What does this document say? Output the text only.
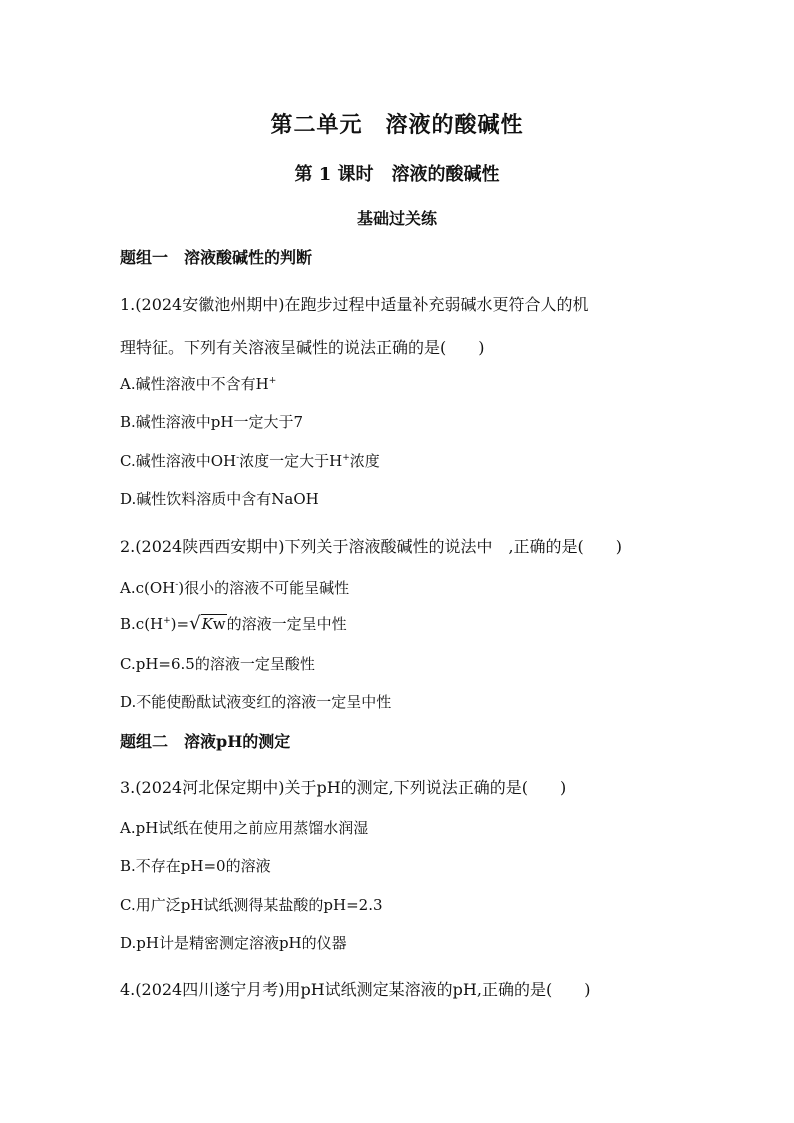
第二单元　溶液的酸碱性
第 1 课时　溶液的酸碱性
基础过关练
题组一　溶液酸碱性的判断
1.(2024安徽池州期中)在跑步过程中适量补充弱碱水更符合人的机
理特征。下列有关溶液呈碱性的说法正确的是(　　)
A.碱性溶液中不含有H+
B.碱性溶液中pH一定大于7
C.碱性溶液中OH-浓度一定大于H+浓度
D.碱性饮料溶质中含有NaOH
2.(2024陕西西安期中)下列关于溶液酸碱性的说法中　,正确的是(　　)
A.c(OH-)很小的溶液不可能呈碱性
B.c(H+)=√Kw的溶液一定呈中性
C.pH=6.5的溶液一定呈酸性
D.不能使酚酞试液变红的溶液一定呈中性
题组二　溶液pH的测定
3.(2024河北保定期中)关于pH的测定,下列说法正确的是(　　)
A.pH试纸在使用之前应用蒸馏水润湿
B.不存在pH=0的溶液
C.用广泛pH试纸测得某盐酸的pH=2.3
D.pH计是精密测定溶液pH的仪器
4.(2024四川遂宁月考)用pH试纸测定某溶液的pH,正确的是(　　)
